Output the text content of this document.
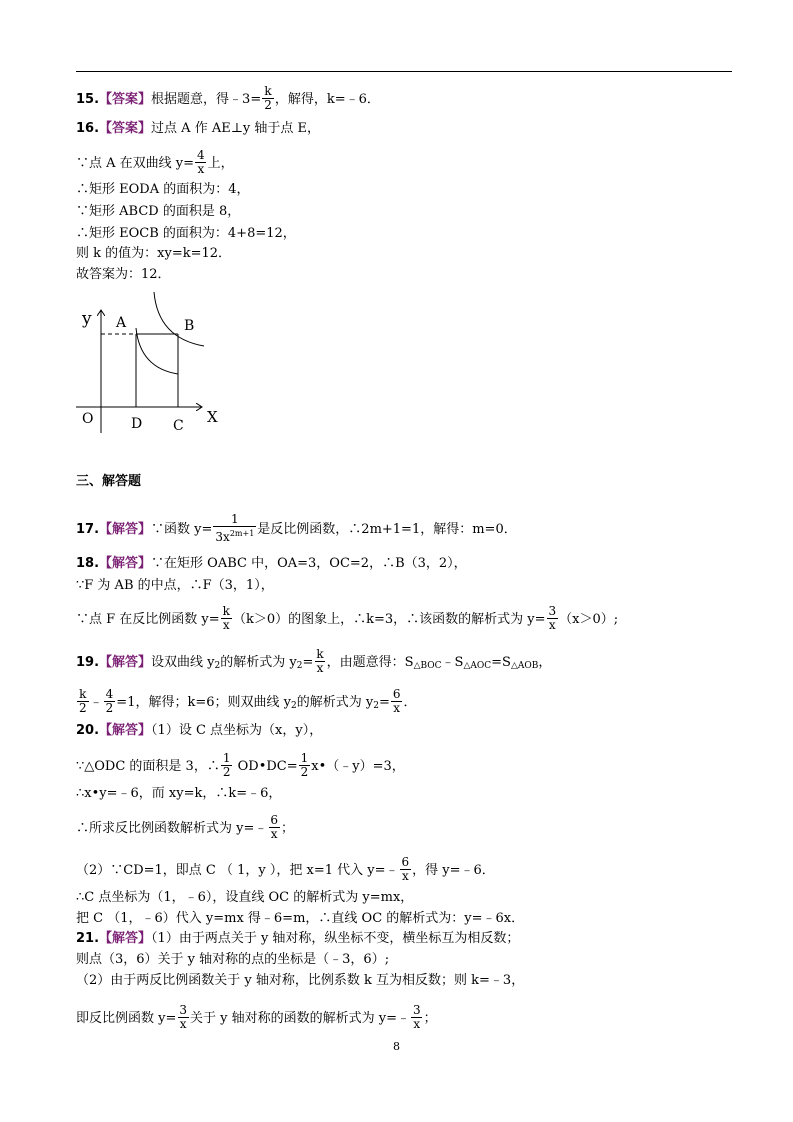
15.【答案】根据题意，得﹣3= $\frac{k}{2}$ ，解得，k=﹣6．
16.【答案】过点 A 作 AE⊥y 轴于点 E，
∵点 A 在双曲线 $y= \frac{4}{x}$ 上，
∴矩形 EODA 的面积为：4，
∵矩形 ABCD 的面积是 8，
∴矩形 EOCB 的面积为：4+8=12，
则 k 的值为：xy=k=12．
故答案为：12．
y A	B
O	D C X
三、解答题
17.【解答】∵函数 $y= \frac{1}{3x^{2m+1}}$ 是反比例函数，∴2m+1=1，解得：m=0．
18.【解答】∵在矩形 OABC 中，OA=3，OC=2，∴B（3，2），
∵F 为 AB 的中点，∴F（3，1），
∵点 F 在反比例函数 $y= \frac{k}{x} (k>0)$的图象上，∴k=3，∴该函数的解析式为 $y= \frac{3}{x} (x>0)$;
19.【解答】设双曲线 $y_2$的解析式为 $y_2= \frac{k}{x}$ ，由题意得：$S_{\triangle BOC}﹣S_{\triangle AOC}=S_{\triangle AOB}$，
$\frac{k}{2}$ ﹣ $\frac{4}{2} =1$，解得；k=6；则双曲线 $y_2$的解析式为 $y_2= \frac{6}{x}$ ．
20.【解答】（1）设 C 点坐标为（x，y），
∵△ODC 的面积是 3，∴ $\frac{1}{2}$ OD•DC= $\frac{1}{2}$ x•（﹣y）=3，
∴x•y=﹣6，而 xy=k，∴k=﹣6，
∴所求反比例函数解析式为 y=﹣ $\frac{6}{x}$ ；
（2）∵CD=1，即点 C （ 1，y ），把 x=1 代入 y=﹣ $\frac{6}{x}$ ，得 y=﹣6．
∴C 点坐标为（1，﹣6），设直线 OC 的解析式为 y=mx，
把 C （1，﹣6）代入 y=mx 得﹣6=m，∴直线 OC 的解析式为：y=﹣6x．
21.【解答】（1）由于两点关于 y 轴对称，纵坐标不变，横坐标互为相反数；
则点（3，6）关于 y 轴对称的点的坐标是（﹣3，6）;
（2）由于两反比例函数关于 y 轴对称，比例系数 k 互为相反数；则 k=﹣3，
即反比例函数 $y= \frac{3}{x}$ 关于 y 轴对称的函数的解析式为 y=﹣ $\frac{3}{x}$ ；
8
